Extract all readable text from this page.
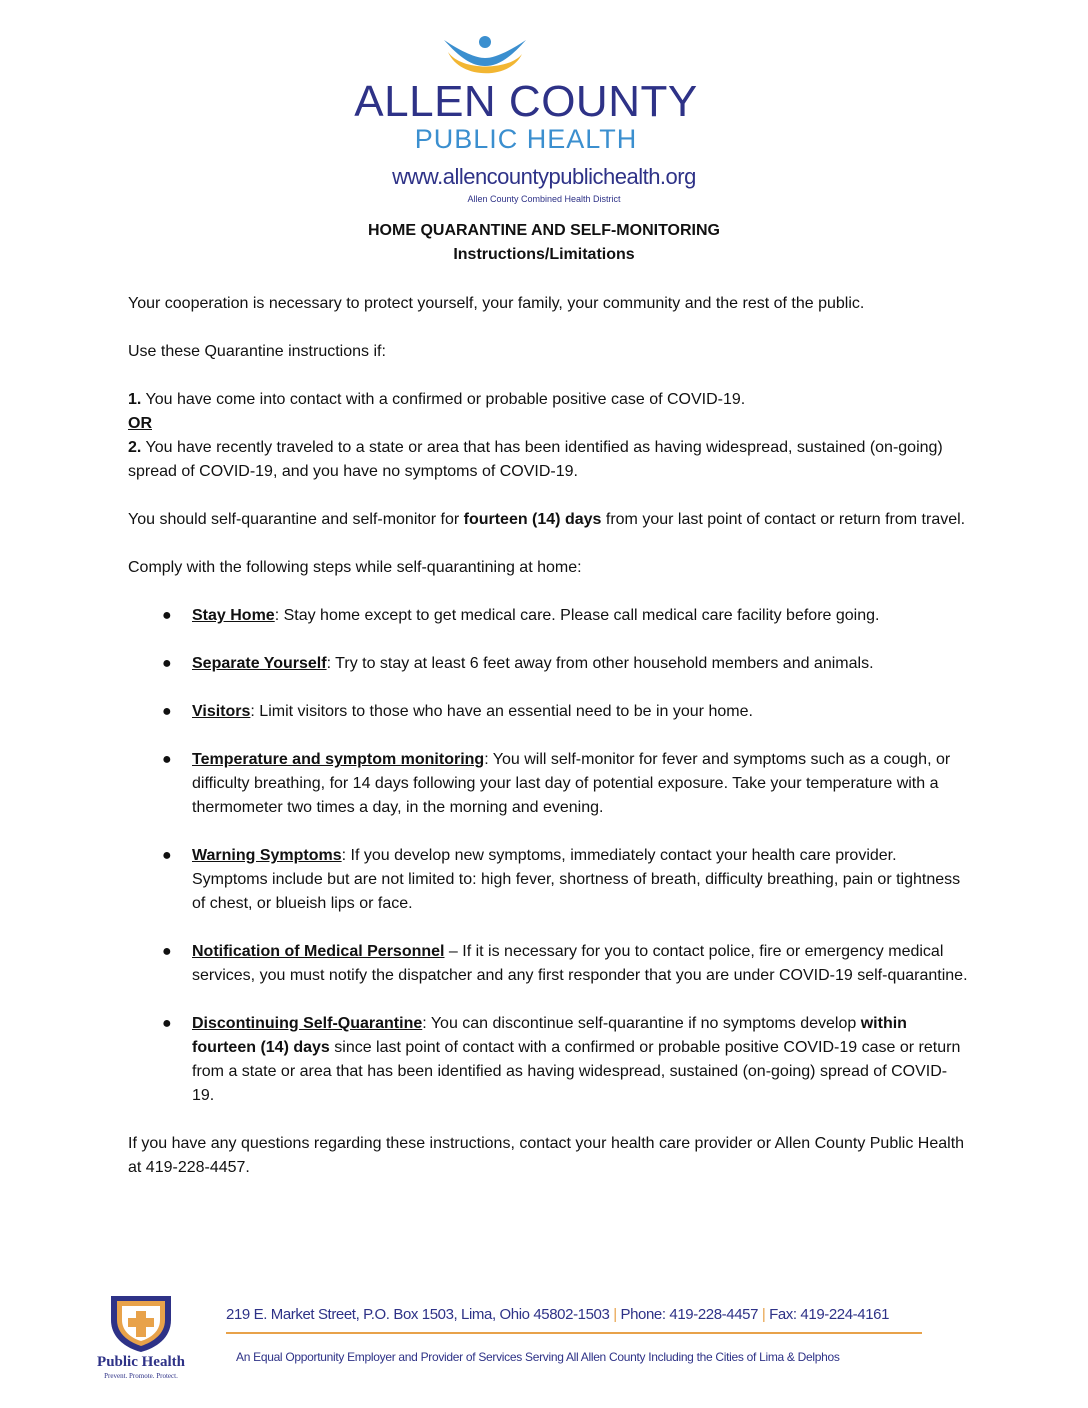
ALLEN COUNTY
PUBLIC HEALTH
www.allencountypublichealth.org
Allen County Combined Health District
HOME QUARANTINE AND SELF-MONITORING
Instructions/Limitations

Your cooperation is necessary to protect yourself, your family, your community and the rest of the public.

Use these Quarantine instructions if:

1. You have come into contact with a confirmed or probable positive case of COVID-19.

OR

2. You have recently traveled to a state or area that has been identified as having widespread, sustained (on-going) spread of COVID-19, and you have no symptoms of COVID-19.

You should self-quarantine and self-monitor for fourteen (14) days from your last point of contact or return from travel.

Comply with the following steps while self-quarantining at home:

● Stay Home: Stay home except to get medical care. Please call medical care facility before going.
● Separate Yourself: Try to stay at least 6 feet away from other household members and animals.
● Visitors: Limit visitors to those who have an essential need to be in your home.
● Temperature and symptom monitoring: You will self-monitor for fever and symptoms such as a cough, or difficulty breathing, for 14 days following your last day of potential exposure. Take your temperature with a thermometer two times a day, in the morning and evening.
● Warning Symptoms: If you develop new symptoms, immediately contact your health care provider. Symptoms include but are not limited to: high fever, shortness of breath, difficulty breathing, pain or tightness of chest, or blueish lips or face.
● Notification of Medical Personnel – If it is necessary for you to contact police, fire or emergency medical services, you must notify the dispatcher and any first responder that you are under COVID-19 self-quarantine.
● Discontinuing Self-Quarantine: You can discontinue self-quarantine if no symptoms develop within fourteen (14) days since last point of contact with a confirmed or probable positive COVID-19 case or return from a state or area that has been identified as having widespread, sustained (on-going) spread of COVID-19.

If you have any questions regarding these instructions, contact your health care provider or Allen County Public Health at 419-228-4457.

Public Health
Prevent. Promote. Protect.
219 E. Market Street, P.O. Box 1503, Lima, Ohio 45802-1503 | Phone: 419-228-4457 | Fax: 419-224-4161
An Equal Opportunity Employer and Provider of Services Serving All Allen County Including the Cities of Lima & Delphos
